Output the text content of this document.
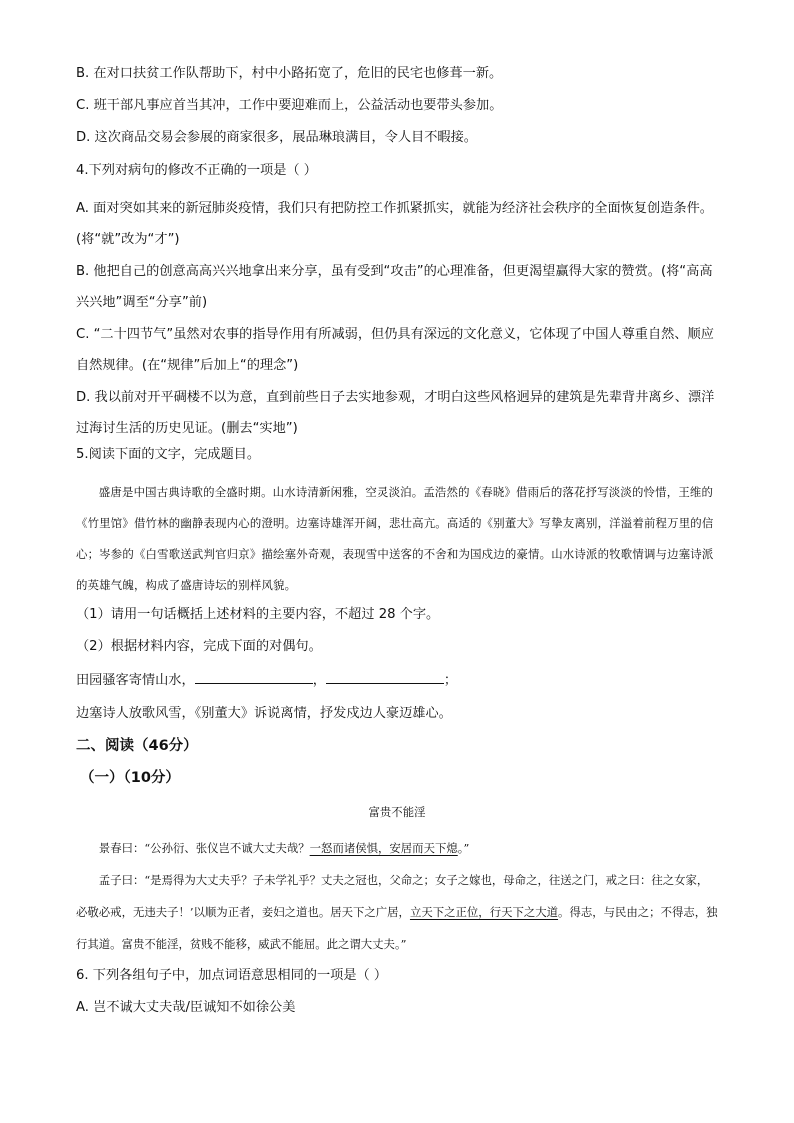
B. 在对口扶贫工作队帮助下，村中小路拓宽了，危旧的民宅也修葺一新。
C. 班干部凡事应首当其冲，工作中要迎难而上，公益活动也要带头参加。
D. 这次商品交易会参展的商家很多，展品琳琅满目，令人目不暇接。
4.下列对病句的修改不正确的一项是（ ）
A. 面对突如其来的新冠肺炎疫情，我们只有把防控工作抓紧抓实，就能为经济社会秩序的全面恢复创造条件。(将“就”改为“才”)
B. 他把自己的创意高高兴兴地拿出来分享，虽有受到“攻击”的心理准备，但更渴望赢得大家的赞赏。(将“高高兴兴地”调至“分享”前)
C. “二十四节气”虽然对农事的指导作用有所减弱，但仍具有深远的文化意义，它体现了中国人尊重自然、顺应自然规律。(在“规律”后加上“的理念”)
D. 我以前对开平碉楼不以为意，直到前些日子去实地参观，才明白这些风格迥异的建筑是先辈背井离乡、漂洋过海讨生活的历史见证。(删去“实地”)
5.阅读下面的文字，完成题目。
盛唐是中国古典诗歌的全盛时期。山水诗清新闲雅，空灵淡泊。孟浩然的《春晓》借雨后的落花抒写淡淡的怜惜，王维的《竹里馆》借竹林的幽静表现内心的澄明。边塞诗雄浑开阔，悲壮高亢。高适的《别董大》写挚友离别，洋溢着前程万里的信心；岑参的《白雪歌送武判官归京》描绘塞外奇观，表现雪中送客的不舍和为国戍边的豪情。山水诗派的牧歌情调与边塞诗派的英雄气魄，构成了盛唐诗坛的别样风貌。
（1）请用一句话概括上述材料的主要内容，不超过 28 个字。
（2）根据材料内容，完成下面的对偶句。
田园骚客寄情山水，	，	；
边塞诗人放歌风雪，《别董大》诉说离情，抒发戍边人豪迈雄心。
二、阅读（46分）
（一）（10分）
富贵不能淫
景春曰：“公孙衍、张仪岂不诚大丈夫哉？一怒而诸侯惧，安居而天下熄。”
孟子曰：“是焉得为大丈夫乎？子未学礼乎？丈夫之冠也，父命之；女子之嫁也，母命之，往送之门，戒之曰：往之女家，必敬必戒，无违夫子！’以顺为正者，妾妇之道也。居天下之广居，立天下之正位，行天下之大道。得志，与民由之；不得志，独行其道。富贵不能淫，贫贱不能移，威武不能屈。此之谓大丈夫。”
6. 下列各组句子中，加点词语意思相同的一项是（ ）
A. 岂不诚大丈夫哉/臣诚知不如徐公美
